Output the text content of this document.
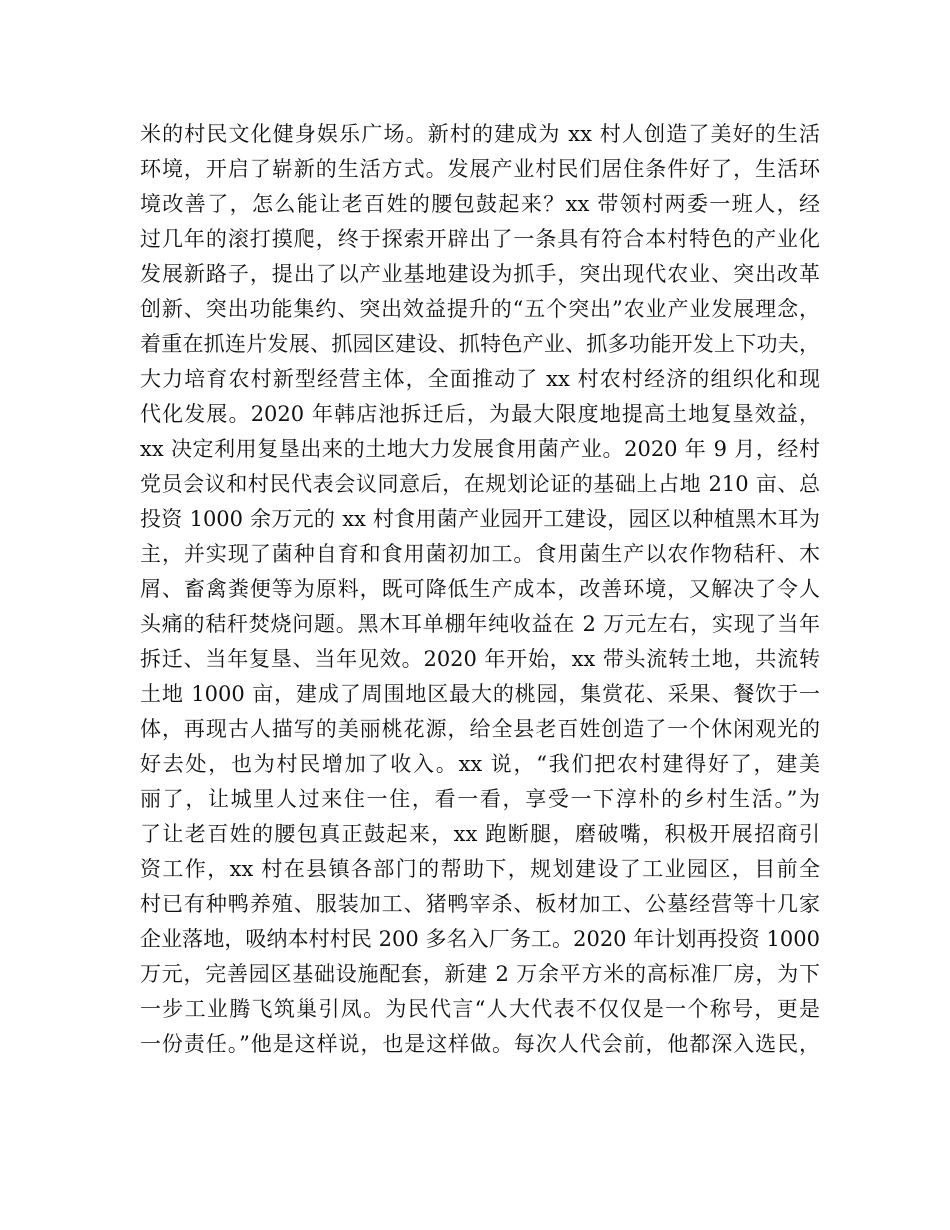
米的村民文化健身娱乐广场。新村的建成为 xx 村人创造了美好的生活
环境，开启了崭新的生活方式。发展产业村民们居住条件好了，生活环
境改善了，怎么能让老百姓的腰包鼓起来？xx 带领村两委一班人，经
过几年的滚打摸爬，终于探索开辟出了一条具有符合本村特色的产业化
发展新路子，提出了以产业基地建设为抓手，突出现代农业、突出改革
创新、突出功能集约、突出效益提升的“五个突出”农业产业发展理念，
着重在抓连片发展、抓园区建设、抓特色产业、抓多功能开发上下功夫，
大力培育农村新型经营主体，全面推动了 xx 村农村经济的组织化和现
代化发展。2020 年韩店池拆迁后，为最大限度地提高土地复垦效益，
xx 决定利用复垦出来的土地大力发展食用菌产业。2020 年 9 月，经村
党员会议和村民代表会议同意后，在规划论证的基础上占地 210 亩、总
投资 1000 余万元的 xx 村食用菌产业园开工建设，园区以种植黑木耳为
主，并实现了菌种自育和食用菌初加工。食用菌生产以农作物秸秆、木
屑、畜禽粪便等为原料，既可降低生产成本，改善环境，又解决了令人
头痛的秸秆焚烧问题。黑木耳单棚年纯收益在 2 万元左右，实现了当年
拆迁、当年复垦、当年见效。2020 年开始，xx 带头流转土地，共流转
土地 1000 亩，建成了周围地区最大的桃园，集赏花、采果、餐饮于一
体，再现古人描写的美丽桃花源，给全县老百姓创造了一个休闲观光的
好去处，也为村民增加了收入。xx 说，“我们把农村建得好了，建美
丽了，让城里人过来住一住，看一看，享受一下淳朴的乡村生活。”为
了让老百姓的腰包真正鼓起来，xx 跑断腿，磨破嘴，积极开展招商引
资工作，xx 村在县镇各部门的帮助下，规划建设了工业园区，目前全
村已有种鸭养殖、服装加工、猪鸭宰杀、板材加工、公墓经营等十几家
企业落地，吸纳本村村民 200 多名入厂务工。2020 年计划再投资 1000
万元，完善园区基础设施配套，新建 2 万余平方米的高标准厂房，为下
一步工业腾飞筑巢引凤。为民代言“人大代表不仅仅是一个称号，更是
一份责任。”他是这样说，也是这样做。每次人代会前，他都深入选民，
